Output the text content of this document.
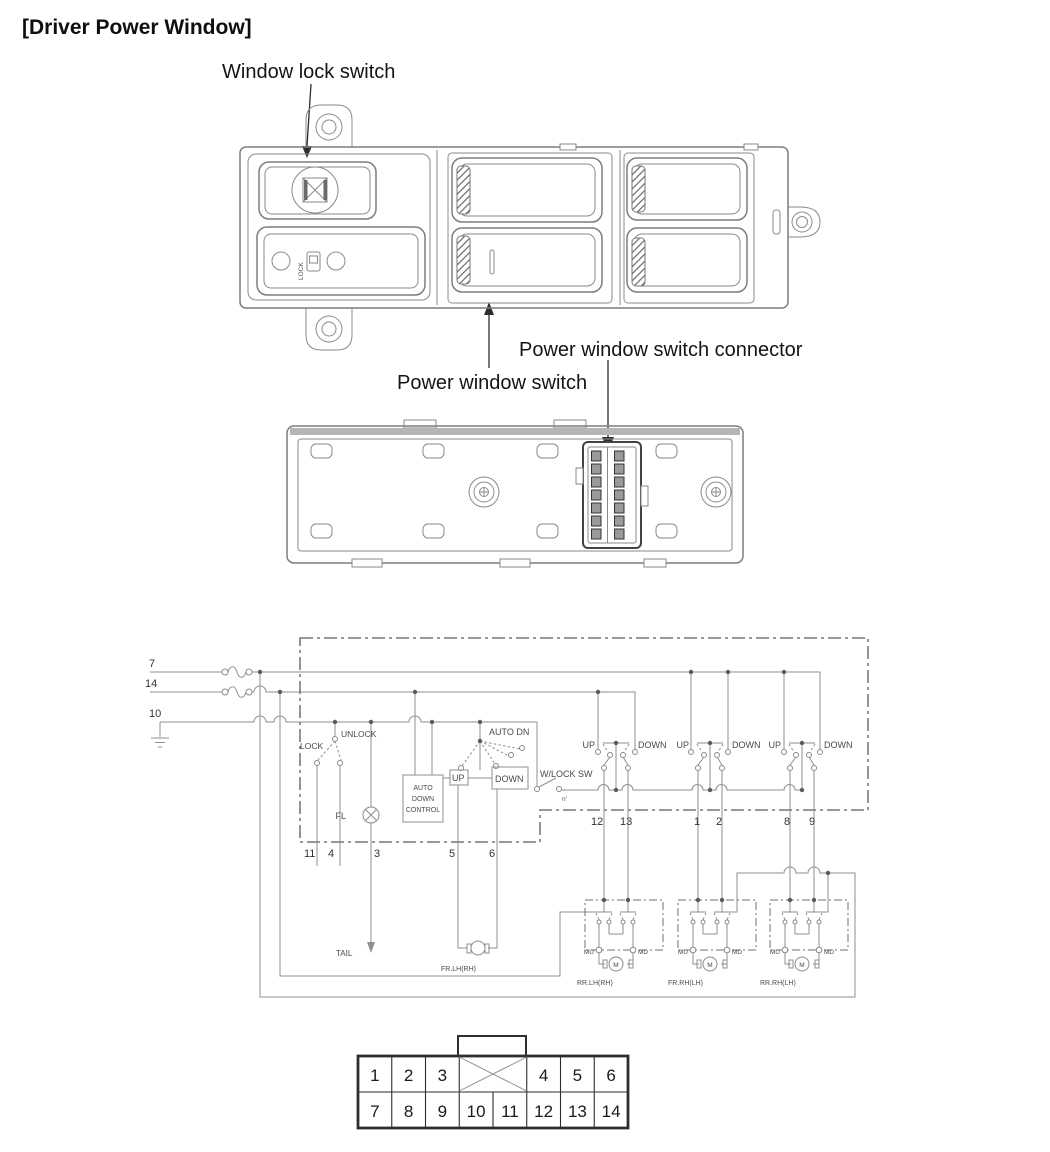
[Driver Power Window]
Window lock switch
Power window switch connector
Power window switch
LOCK
7
14
10
LOCK
UNLOCK
FL
TAIL
AUTO
DOWN
CONTROL
AUTO DN
UP	DOWN W/LOCK SW
n'
UP	DOWN UP	DOWN UP	DOWN
11 4	3	5	6
12 13	1 2	8 9
FR.LH(RH)
M
MU	MD
RR.LH(RH)
M
MU	MD
FR.RH(LH)
M
MU	MD
RR.RH(LH)
1 2 3	4 5 6
7 8 9 10 11 12 13 14
